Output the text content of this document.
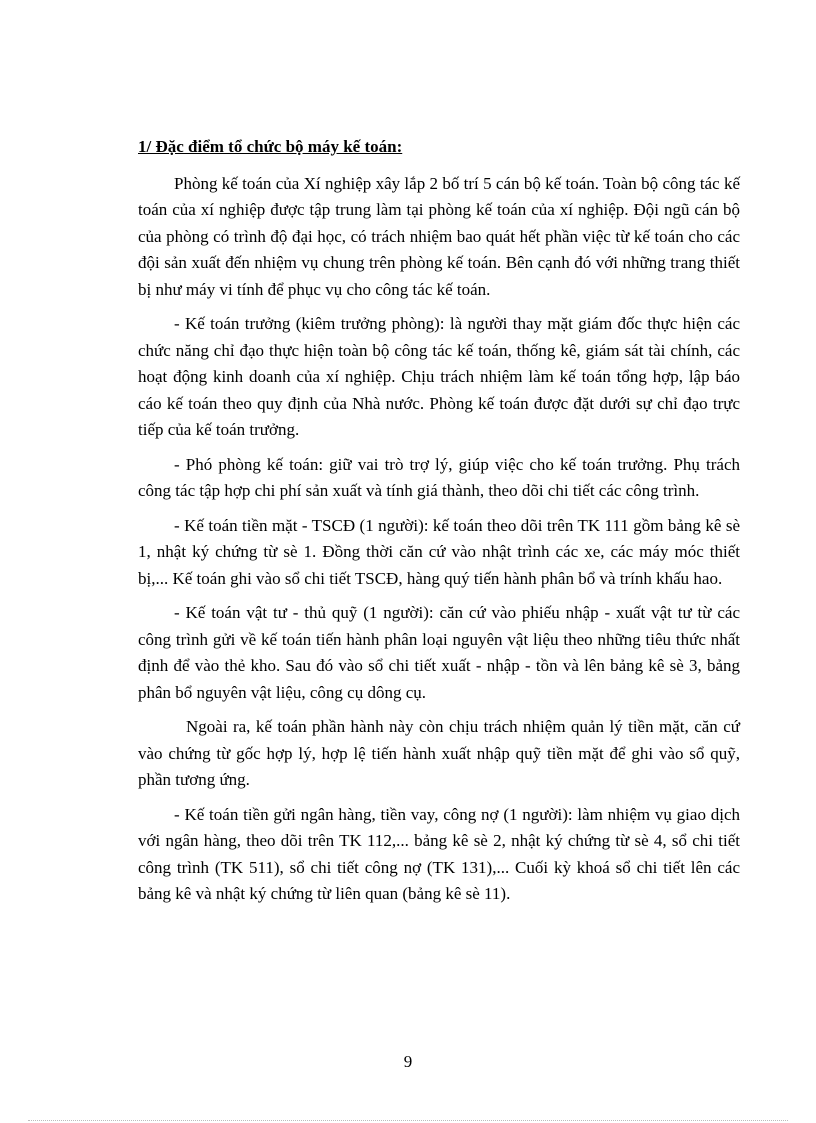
1/ Đặc điểm tổ chức bộ máy kế toán:

Phòng kế toán của Xí nghiệp xây lắp 2 bố trí 5 cán bộ kế toán. Toàn bộ công tác kế toán của xí nghiệp được tập trung làm tại phòng kế toán của xí nghiệp. Đội ngũ cán bộ của phòng có trình độ đại học, có trách nhiệm bao quát hết phần việc từ kế toán cho các đội sản xuất đến nhiệm vụ chung trên phòng kế toán. Bên cạnh đó với những trang thiết bị như máy vi tính để phục vụ cho công tác kế toán.

- Kế toán trưởng (kiêm trưởng phòng): là người thay mặt giám đốc thực hiện các chức năng chỉ đạo thực hiện toàn bộ công tác kế toán, thống kê, giám sát tài chính, các hoạt động kinh doanh của xí nghiệp. Chịu trách nhiệm làm kế toán tổng hợp, lập báo cáo kế toán theo quy định của Nhà nước. Phòng kế toán được đặt dưới sự chỉ đạo trực tiếp của kế toán trưởng.

- Phó phòng kế toán: giữ vai trò trợ lý, giúp việc cho kế toán trưởng. Phụ trách công tác tập hợp chi phí sản xuất và tính giá thành, theo dõi chi tiết các công trình.

- Kế toán tiền mặt - TSCĐ (1 người): kế toán theo dõi trên TK 111 gồm bảng kê sè 1, nhật ký chứng từ sè 1. Đồng thời căn cứ vào nhật trình các xe, các máy móc thiết bị,... Kế toán ghi vào sổ chi tiết TSCĐ, hàng quý tiến hành phân bổ và trính khấu hao.

- Kế toán vật tư - thủ quỹ (1 người): căn cứ vào phiếu nhập - xuất vật tư từ các công trình gửi về kế toán tiến hành phân loại nguyên vật liệu theo những tiêu thức nhất định để vào thẻ kho. Sau đó vào sổ chi tiết xuất - nhập - tồn và lên bảng kê sè 3, bảng phân bổ nguyên vật liệu, công cụ dông cụ.

Ngoài ra, kế toán phần hành này còn chịu trách nhiệm quản lý tiền mặt, căn cứ vào chứng từ gốc hợp lý, hợp lệ tiến hành xuất nhập quỹ tiền mặt để ghi vào sổ quỹ, phần tương ứng.

- Kế toán tiền gửi ngân hàng, tiền vay, công nợ (1 người): làm nhiệm vụ giao dịch với ngân hàng, theo dõi trên TK 112,... bảng kê sè 2, nhật ký chứng từ sè 4, sổ chi tiết công trình (TK 511), sổ chi tiết công nợ (TK 131),... Cuối kỳ khoá sổ chi tiết lên các bảng kê và nhật ký chứng từ liên quan (bảng kê sè 11).

9
